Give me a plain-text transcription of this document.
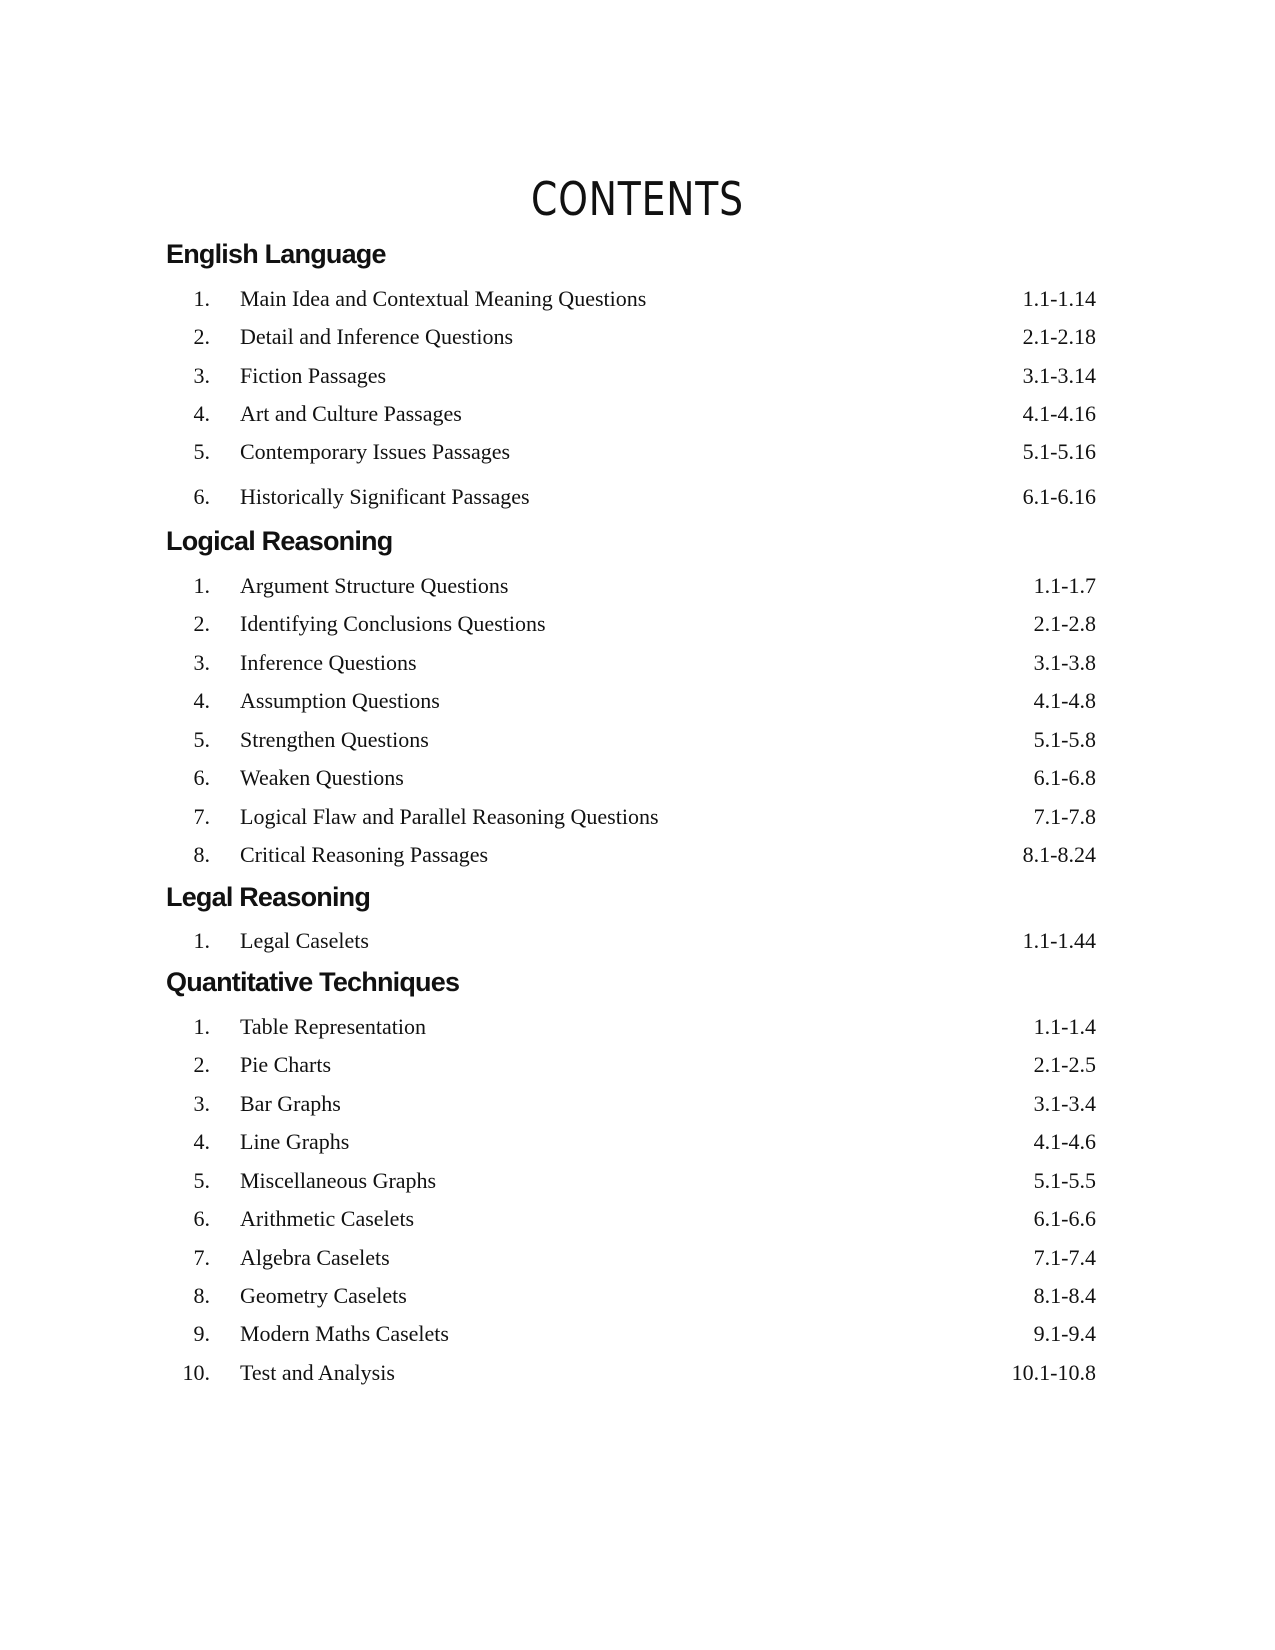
CONTENTS
English Language
1. Main Idea and Contextual Meaning Questions	1.1-1.14
2. Detail and Inference Questions	2.1-2.18
3. Fiction Passages	3.1-3.14
4. Art and Culture Passages	4.1-4.16
5. Contemporary Issues Passages	5.1-5.16
6. Historically Significant Passages	6.1-6.16
Logical Reasoning
1. Argument Structure Questions	1.1-1.7
2. Identifying Conclusions Questions	2.1-2.8
3. Inference Questions	3.1-3.8
4. Assumption Questions	4.1-4.8
5. Strengthen Questions	5.1-5.8
6. Weaken Questions	6.1-6.8
7. Logical Flaw and Parallel Reasoning Questions	7.1-7.8
8. Critical Reasoning Passages	8.1-8.24
Legal Reasoning
1. Legal Caselets	1.1-1.44
Quantitative Techniques
1. Table Representation	1.1-1.4
2. Pie Charts	2.1-2.5
3. Bar Graphs	3.1-3.4
4. Line Graphs	4.1-4.6
5. Miscellaneous Graphs	5.1-5.5
6. Arithmetic Caselets	6.1-6.6
7. Algebra Caselets	7.1-7.4
8. Geometry Caselets	8.1-8.4
9. Modern Maths Caselets	9.1-9.4
10. Test and Analysis	10.1-10.8
